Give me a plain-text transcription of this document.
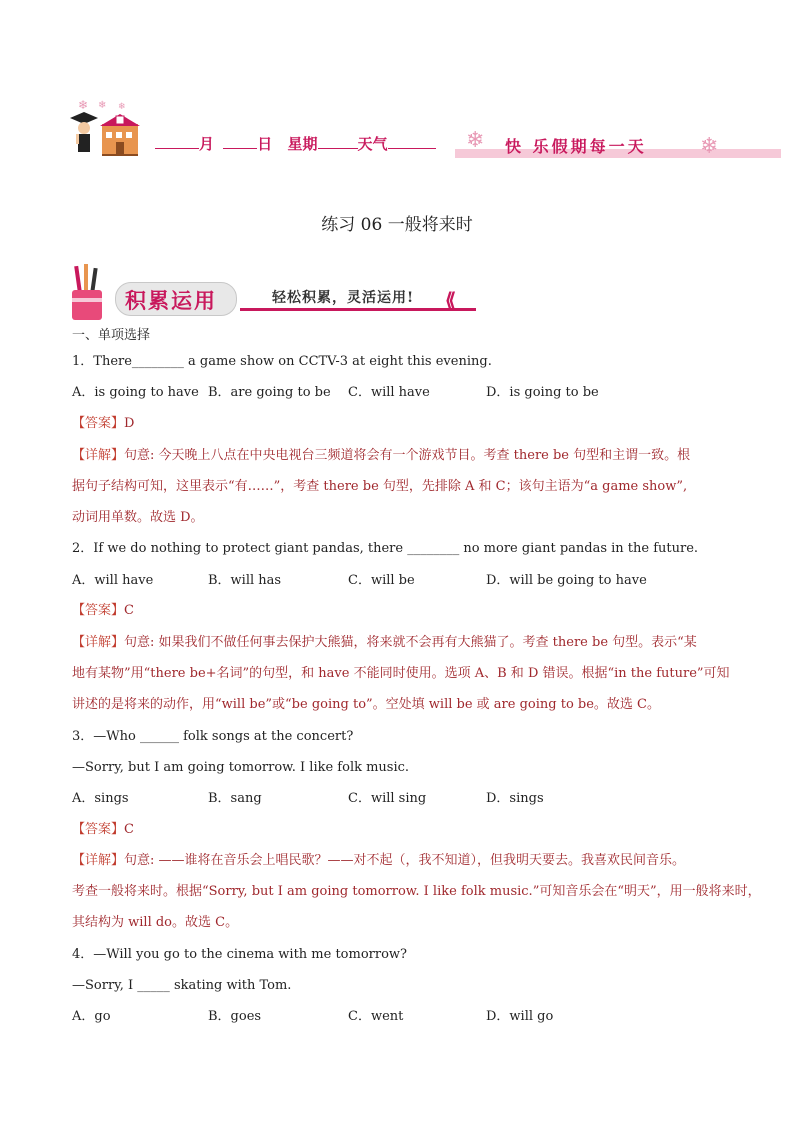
❄ ❄ ❄
月	日 星期	天气	❄ 快 乐假期每一天 ❄
练习 06 一般将来时
积累运用	轻松积累，灵活运用! ⟪
一、单项选择
1．There________ a game show on CCTV-3 at eight this evening.
A．is going to have B．are going to be C．will have	D．is going to be
【答案】D
【详解】句意: 今天晚上八点在中央电视台三频道将会有一个游戏节目。考查 there be 句型和主谓一致。根
据句子结构可知，这里表示“有……”，考查 there be 句型，先排除 A 和 C；该句主语为“a game show”,
动词用单数。故选 D。
2．If we do nothing to protect giant pandas, there ________ no more giant pandas in the future.
A．will have	B．will has	C．will be	D．will be going to have
【答案】C
【详解】句意: 如果我们不做任何事去保护大熊猫，将来就不会再有大熊猫了。考查 there be 句型。表示“某
地有某物”用“there be+名词”的句型，和 have 不能同时使用。选项 A、B 和 D 错误。根据“in the future”可知
讲述的是将来的动作，用“will be”或“be going to”。空处填 will be 或 are going to be。故选 C。
3．—Who ______ folk songs at the concert?
—Sorry, but I am going tomorrow. I like folk music.
A．sings	B．sang	C．will sing	D．sings
【答案】C
【详解】句意: ——谁将在音乐会上唱民歌？——对不起（，我不知道），但我明天要去。我喜欢民间音乐。
考查一般将来时。根据“Sorry, but I am going tomorrow. I like folk music.”可知音乐会在“明天”，用一般将来时，
其结构为 will do。故选 C。
4．—Will you go to the cinema with me tomorrow?
—Sorry, I _____ skating with Tom.
A．go	B．goes	C．went	D．will go
